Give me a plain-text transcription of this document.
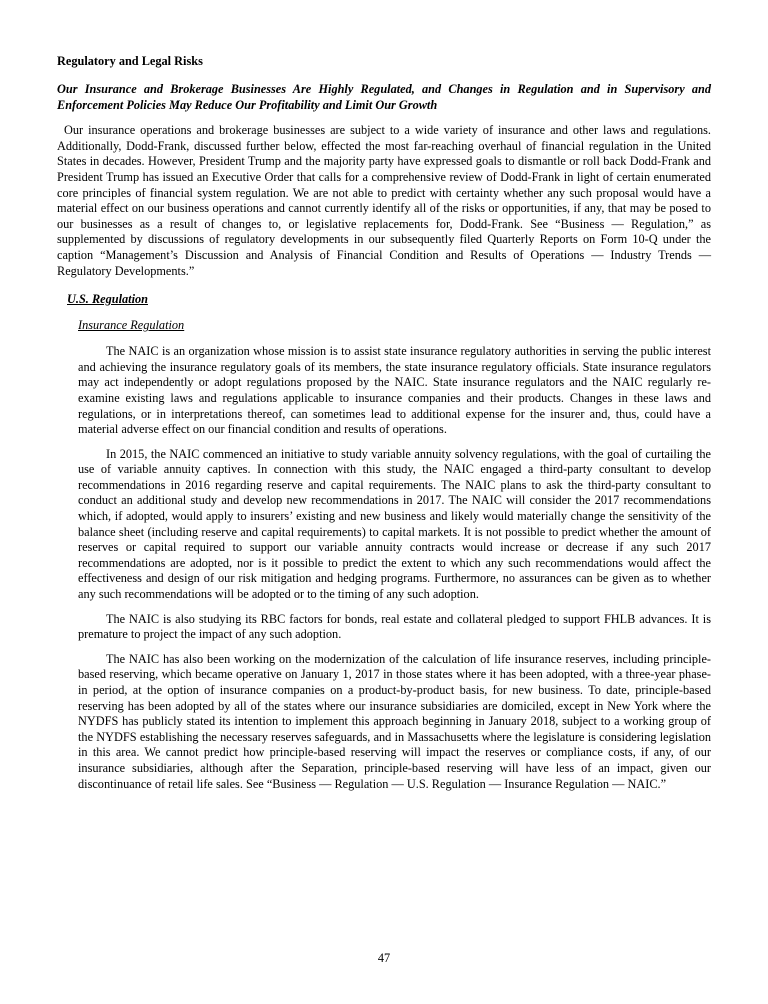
Regulatory and Legal Risks
Our Insurance and Brokerage Businesses Are Highly Regulated, and Changes in Regulation and in Supervisory and Enforcement Policies May Reduce Our Profitability and Limit Our Growth

Our insurance operations and brokerage businesses are subject to a wide variety of insurance and other laws and regulations. Additionally, Dodd-Frank, discussed further below, effected the most far-reaching overhaul of financial regulation in the United States in decades. However, President Trump and the majority party have expressed goals to dismantle or roll back Dodd-Frank and President Trump has issued an Executive Order that calls for a comprehensive review of Dodd-Frank in light of certain enumerated core principles of financial system regulation. We are not able to predict with certainty whether any such proposal would have a material effect on our business operations and cannot currently identify all of the risks or opportunities, if any, that may be posed to our businesses as a result of changes to, or legislative replacements for, Dodd-Frank. See “Business — Regulation,” as supplemented by discussions of regulatory developments in our subsequently filed Quarterly Reports on Form 10-Q under the caption “Management’s Discussion and Analysis of Financial Condition and Results of Operations — Industry Trends — Regulatory Developments.”

U.S. Regulation
Insurance Regulation

The NAIC is an organization whose mission is to assist state insurance regulatory authorities in serving the public interest and achieving the insurance regulatory goals of its members, the state insurance regulatory officials. State insurance regulators may act independently or adopt regulations proposed by the NAIC. State insurance regulators and the NAIC regularly re-examine existing laws and regulations applicable to insurance companies and their products. Changes in these laws and regulations, or in interpretations thereof, can sometimes lead to additional expense for the insurer and, thus, could have a material adverse effect on our financial condition and results of operations.

In 2015, the NAIC commenced an initiative to study variable annuity solvency regulations, with the goal of curtailing the use of variable annuity captives. In connection with this study, the NAIC engaged a third-party consultant to develop recommendations in 2016 regarding reserve and capital requirements. The NAIC plans to ask the third-party consultant to conduct an additional study and develop new recommendations in 2017. The NAIC will consider the 2017 recommendations which, if adopted, would apply to insurers’ existing and new business and likely would materially change the sensitivity of the balance sheet (including reserve and capital requirements) to capital markets. It is not possible to predict whether the amount of reserves or capital required to support our variable annuity contracts would increase or decrease if any such 2017 recommendations are adopted, nor is it possible to predict the extent to which any such recommendations would affect the effectiveness and design of our risk mitigation and hedging programs. Furthermore, no assurances can be given as to whether any such recommendations will be adopted or to the timing of any such adoption.

The NAIC is also studying its RBC factors for bonds, real estate and collateral pledged to support FHLB advances. It is premature to project the impact of any such adoption.

The NAIC has also been working on the modernization of the calculation of life insurance reserves, including principle-based reserving, which became operative on January 1, 2017 in those states where it has been adopted, with a three-year phase-in period, at the option of insurance companies on a product-by-product basis, for new business. To date, principle-based reserving has been adopted by all of the states where our insurance subsidiaries are domiciled, except in New York where the NYDFS has publicly stated its intention to implement this approach beginning in January 2018, subject to a working group of the NYDFS establishing the necessary reserves safeguards, and in Massachusetts where the legislature is considering legislation in this area. We cannot predict how principle-based reserving will impact the reserves or compliance costs, if any, of our insurance subsidiaries, although after the Separation, principle-based reserving will have less of an impact, given our discontinuance of retail life sales. See “Business — Regulation — U.S. Regulation — Insurance Regulation — NAIC.”

47
